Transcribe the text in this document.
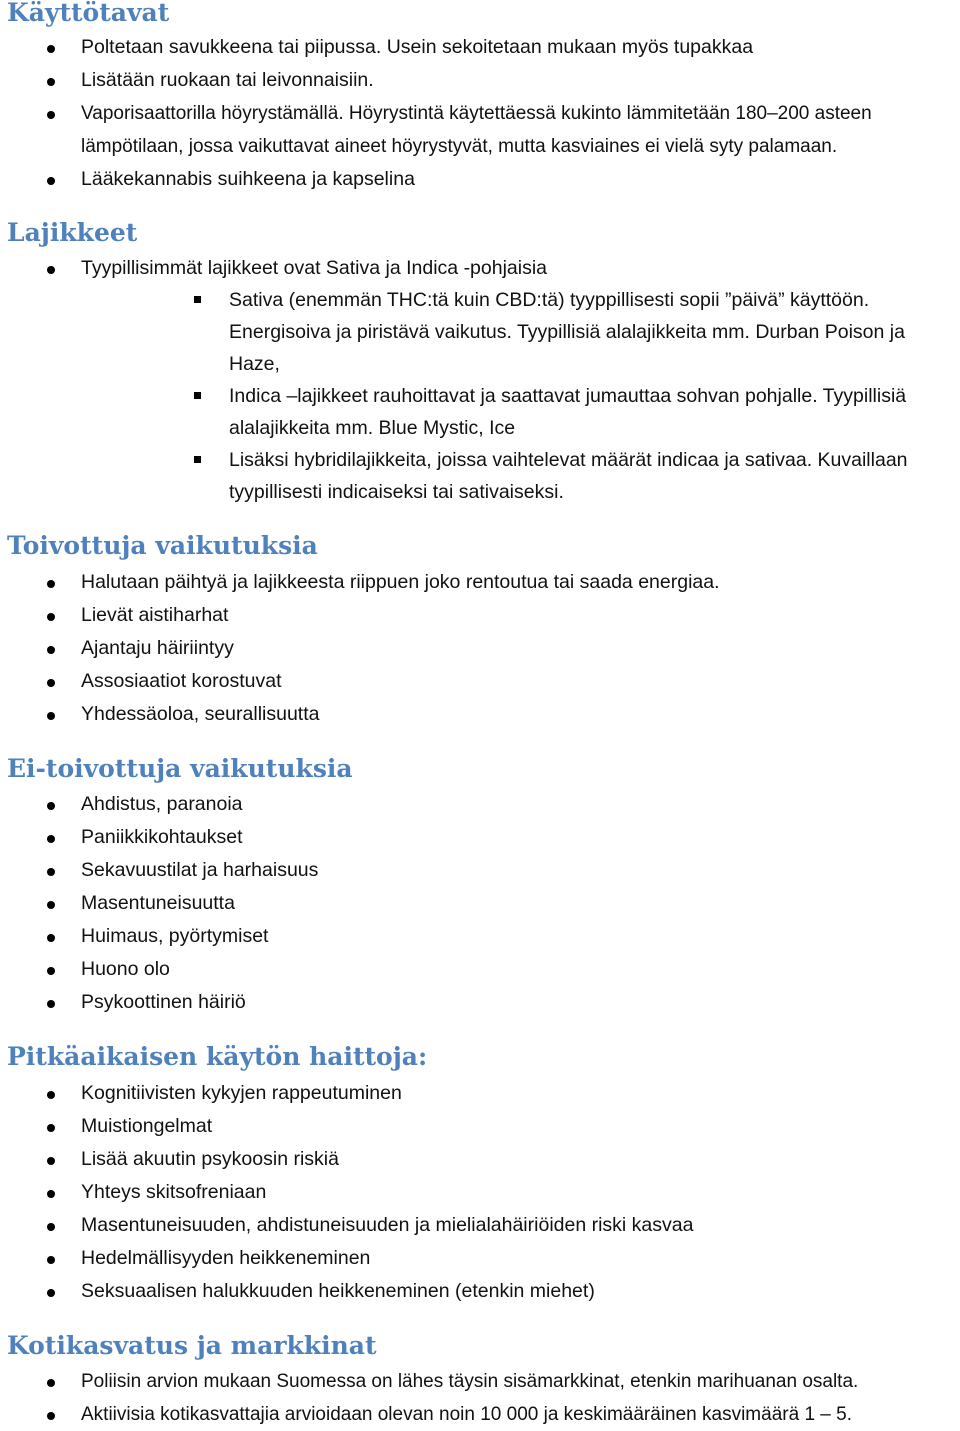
Käyttötavat

Poltetaan savukkeena tai piipussa. Usein sekoitetaan mukaan myös tupakkaa

Lisätään ruokaan tai leivonnaisiin.

Vaporisaattorilla höyrystämällä. Höyrystintä käytettäessä kukinto lämmitetään 180–200 asteen

lämpötilaan, jossa vaikuttavat aineet höyrystyvät, mutta kasviaines ei vielä syty palamaan.

Lääkekannabis suihkeena ja kapselina

Lajikkeet

Tyypillisimmät lajikkeet ovat Sativa ja Indica -pohjaisia

Sativa (enemmän THC:tä kuin CBD:tä) tyyppillisesti sopii ”päivä” käyttöön.

Energisoiva ja piristävä vaikutus. Tyypillisiä alalajikkeita mm. Durban Poison ja

Haze,

Indica –lajikkeet rauhoittavat ja saattavat jumauttaa sohvan pohjalle. Tyypillisiä

alalajikkeita mm. Blue Mystic, Ice

Lisäksi hybridilajikkeita, joissa vaihtelevat määrät indicaa ja sativaa. Kuvaillaan

tyypillisesti indicaiseksi tai sativaiseksi.

Toivottuja vaikutuksia

Halutaan päihtyä ja lajikkeesta riippuen joko rentoutua tai saada energiaa.

Lievät aistiharhat

Ajantaju häiriintyy

Assosiaatiot korostuvat

Yhdessäoloa, seurallisuutta

Ei-toivottuja vaikutuksia

Ahdistus, paranoia

Paniikkikohtaukset

Sekavuustilat ja harhaisuus

Masentuneisuutta

Huimaus, pyörtymiset

Huono olo

Psykoottinen häiriö

Pitkäaikaisen käytön haittoja:

Kognitiivisten kykyjen rappeutuminen

Muistiongelmat

Lisää akuutin psykoosin riskiä

Yhteys skitsofreniaan

Masentuneisuuden, ahdistuneisuuden ja mielialahäiriöiden riski kasvaa

Hedelmällisyyden heikkeneminen

Seksuaalisen halukkuuden heikkeneminen (etenkin miehet)

Kotikasvatus ja markkinat

Poliisin arvion mukaan Suomessa on lähes täysin sisämarkkinat, etenkin marihuanan osalta.

Aktiivisia kotikasvattajia arvioidaan olevan noin 10 000 ja keskimääräinen kasvimäärä 1 – 5.
